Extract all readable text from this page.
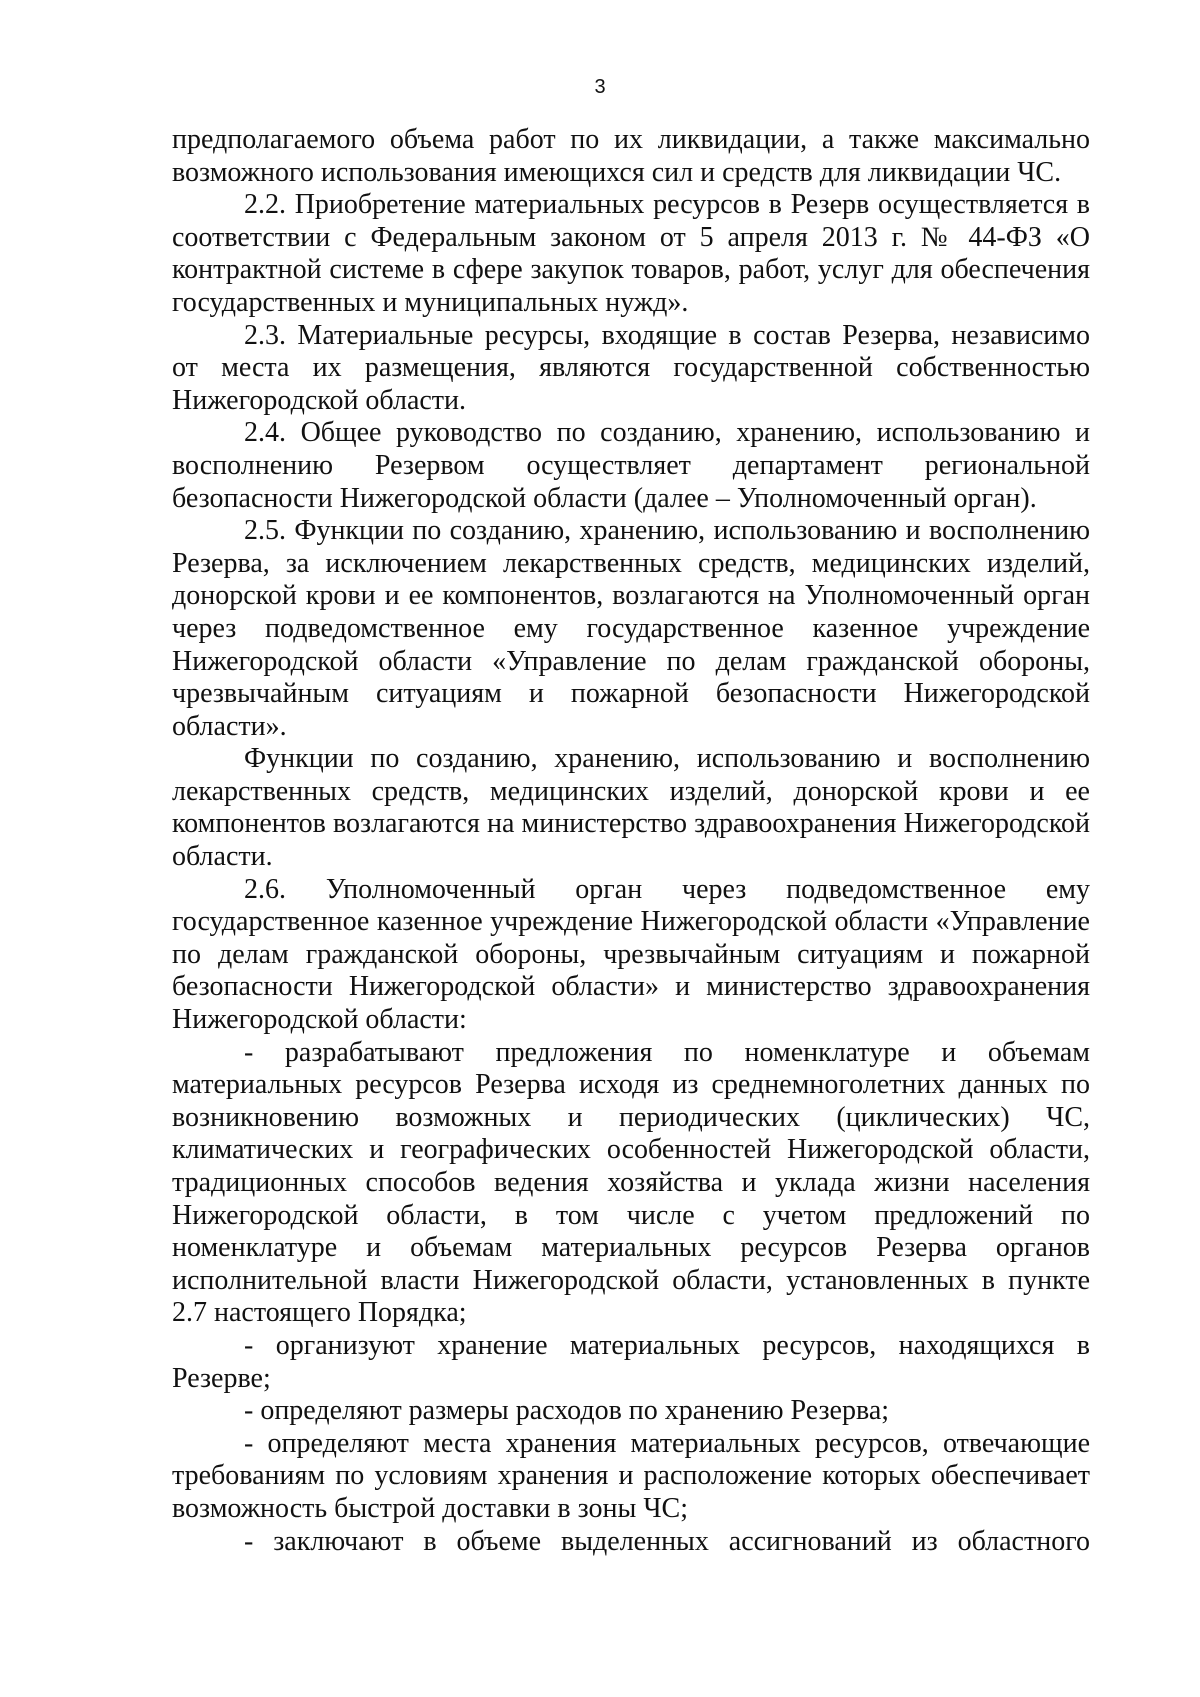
3

предполагаемого объема работ по их ликвидации, а также максимально возможного использования имеющихся сил и средств для ликвидации ЧС.

2.2. Приобретение материальных ресурсов в Резерв осуществляется в соответствии с Федеральным законом от 5 апреля 2013 г. № 44-ФЗ «О контрактной системе в сфере закупок товаров, работ, услуг для обеспечения государственных и муниципальных нужд».

2.3. Материальные ресурсы, входящие в состав Резерва, независимо от места их размещения, являются государственной собственностью Нижегородской области.

2.4. Общее руководство по созданию, хранению, использованию и восполнению Резервом осуществляет департамент региональной безопасности Нижегородской области (далее – Уполномоченный орган).

2.5. Функции по созданию, хранению, использованию и восполнению Резерва, за исключением лекарственных средств, медицинских изделий, донорской крови и ее компонентов, возлагаются на Уполномоченный орган через подведомственное ему государственное казенное учреждение Нижегородской области «Управление по делам гражданской обороны, чрезвычайным ситуациям и пожарной безопасности Нижегородской области».

Функции по созданию, хранению, использованию и восполнению лекарственных средств, медицинских изделий, донорской крови и ее компонентов возлагаются на министерство здравоохранения Нижегородской области.

2.6. Уполномоченный орган через подведомственное ему государственное казенное учреждение Нижегородской области «Управление по делам гражданской обороны, чрезвычайным ситуациям и пожарной безопасности Нижегородской области» и министерство здравоохранения Нижегородской области:

- разрабатывают предложения по номенклатуре и объемам материальных ресурсов Резерва исходя из среднемноголетних данных по возникновению возможных и периодических (циклических) ЧС, климатических и географических особенностей Нижегородской области, традиционных способов ведения хозяйства и уклада жизни населения Нижегородской области, в том числе с учетом предложений по номенклатуре и объемам материальных ресурсов Резерва органов исполнительной власти Нижегородской области, установленных в пункте 2.7 настоящего Порядка;

- организуют хранение материальных ресурсов, находящихся в Резерве;

- определяют размеры расходов по хранению Резерва;

- определяют места хранения материальных ресурсов, отвечающие требованиям по условиям хранения и расположение которых обеспечивает возможность быстрой доставки в зоны ЧС;

- заключают в объеме выделенных ассигнований из областного
